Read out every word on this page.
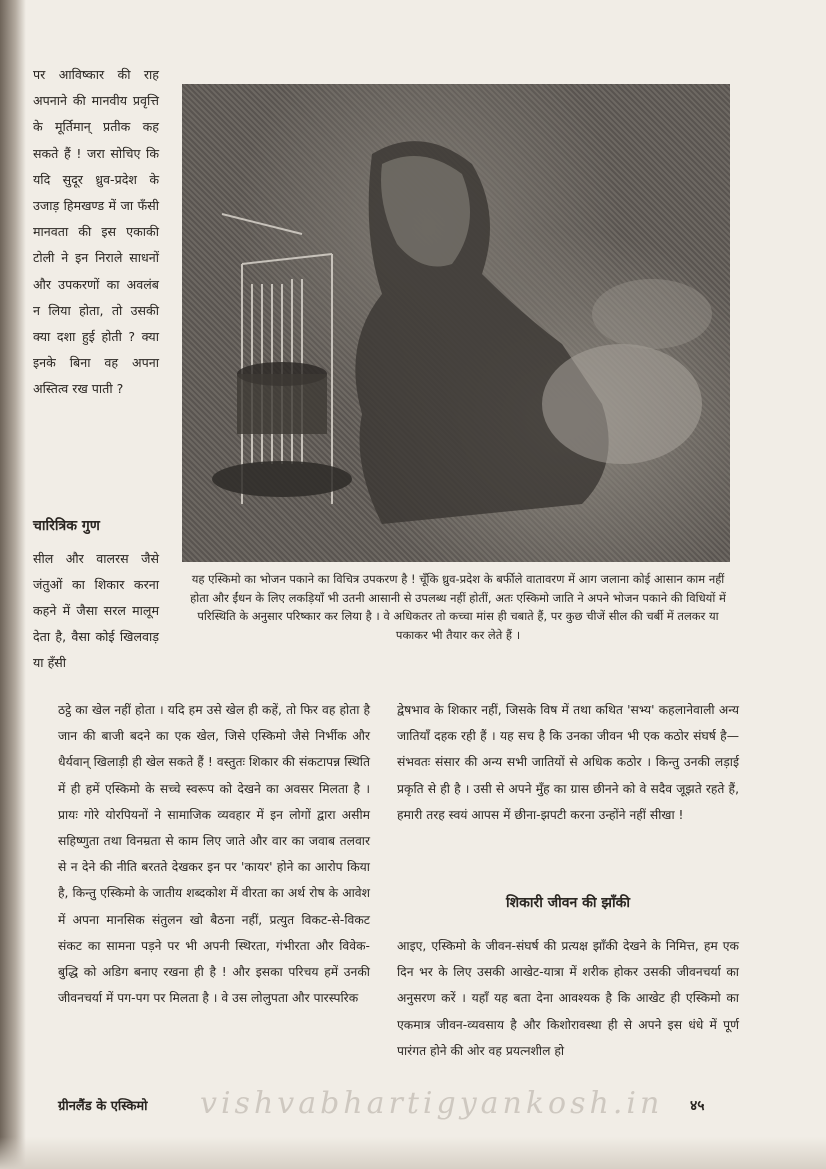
पर आविष्कार की राह अपनाने की मानवीय प्रवृत्ति के मूर्तिमान् प्रतीक कह सकते हैं ! जरा सोचिए कि यदि सुदूर ध्रुव-प्रदेश के उजाड़ हिमखण्ड में जा फँसी मानवता की इस एकाकी टोली ने इन निराले साधनों और उपकरणों का अवलंब न लिया होता, तो उसकी क्या दशा हुई होती ? क्या इनके बिना वह अपना अस्तित्व रख पाती ?

चारित्रिक गुण

सील और वालरस जैसे जंतुओं का शिकार करना कहने में जैसा सरल मालूम देता है, वैसा कोई खिलवाड़ या हँसी

यह एस्किमो का भोजन पकाने का विचित्र उपकरण है ! चूँकि ध्रुव-प्रदेश के बर्फीले वातावरण में आग जलाना कोई आसान काम नहीं होता और ईंधन के लिए लकड़ियाँ भी उतनी आसानी से उपलब्ध नहीं होतीं, अतः एस्किमो जाति ने अपने भोजन पकाने की विधियों में परिस्थिति के अनुसार परिष्कार कर लिया है । वे अधिकतर तो कच्चा मांस ही चबाते हैं, पर कुछ चीजें सील की चर्बी में तलकर या पकाकर भी तैयार कर लेते हैं ।

ठट्ठे का खेल नहीं होता । यदि हम उसे खेल ही कहें, तो फिर वह होता है जान की बाजी बदने का एक खेल, जिसे एस्किमो जैसे निर्भीक और धैर्यवान् खिलाड़ी ही खेल सकते हैं ! वस्तुतः शिकार की संकटापन्न स्थिति में ही हमें एस्किमो के सच्चे स्वरूप को देखने का अवसर मिलता है । प्रायः गोरे योरपियनों ने सामाजिक व्यवहार में इन लोगों द्वारा असीम सहिष्णुता तथा विनम्रता से काम लिए जाते और वार का जवाब तलवार से न देने की नीति बरतते देखकर इन पर 'कायर' होने का आरोप किया है, किन्तु एस्किमो के जातीय शब्दकोश में वीरता का अर्थ रोष के आवेश में अपना मानसिक संतुलन खो बैठना नहीं, प्रत्युत विकट-से-विकट संकट का सामना पड़ने पर भी अपनी स्थिरता, गंभीरता और विवेक-बुद्धि को अडिग बनाए रखना ही है ! और इसका परिचय हमें उनकी जीवनचर्या में पग-पग पर मिलता है । वे उस लोलुपता और पारस्परिक

द्वेषभाव के शिकार नहीं, जिसके विष में तथा कथित 'सभ्य' कहलानेवाली अन्य जातियाँ दहक रही हैं । यह सच है कि उनका जीवन भी एक कठोर संघर्ष है—संभवतः संसार की अन्य सभी जातियों से अधिक कठोर । किन्तु उनकी लड़ाई प्रकृति से ही है । उसी से अपने मुँह का ग्रास छीनने को वे सदैव जूझते रहते हैं, हमारी तरह स्वयं आपस में छीना-झपटी करना उन्होंने नहीं सीखा !

शिकारी जीवन की झाँकी

आइए, एस्किमो के जीवन-संघर्ष की प्रत्यक्ष झाँकी देखने के निमित्त, हम एक दिन भर के लिए उसकी आखेट-यात्रा में शरीक होकर उसकी जीवनचर्या का अनुसरण करें । यहाँ यह बता देना आवश्यक है कि आखेट ही एस्किमो का एकमात्र जीवन-व्यवसाय है और किशोरावस्था ही से अपने इस धंधे में पूर्ण पारंगत होने की ओर वह प्रयत्नशील हो

ग्रीनलैंड के एस्किमो vishvabhartigyankosh.in ४५
